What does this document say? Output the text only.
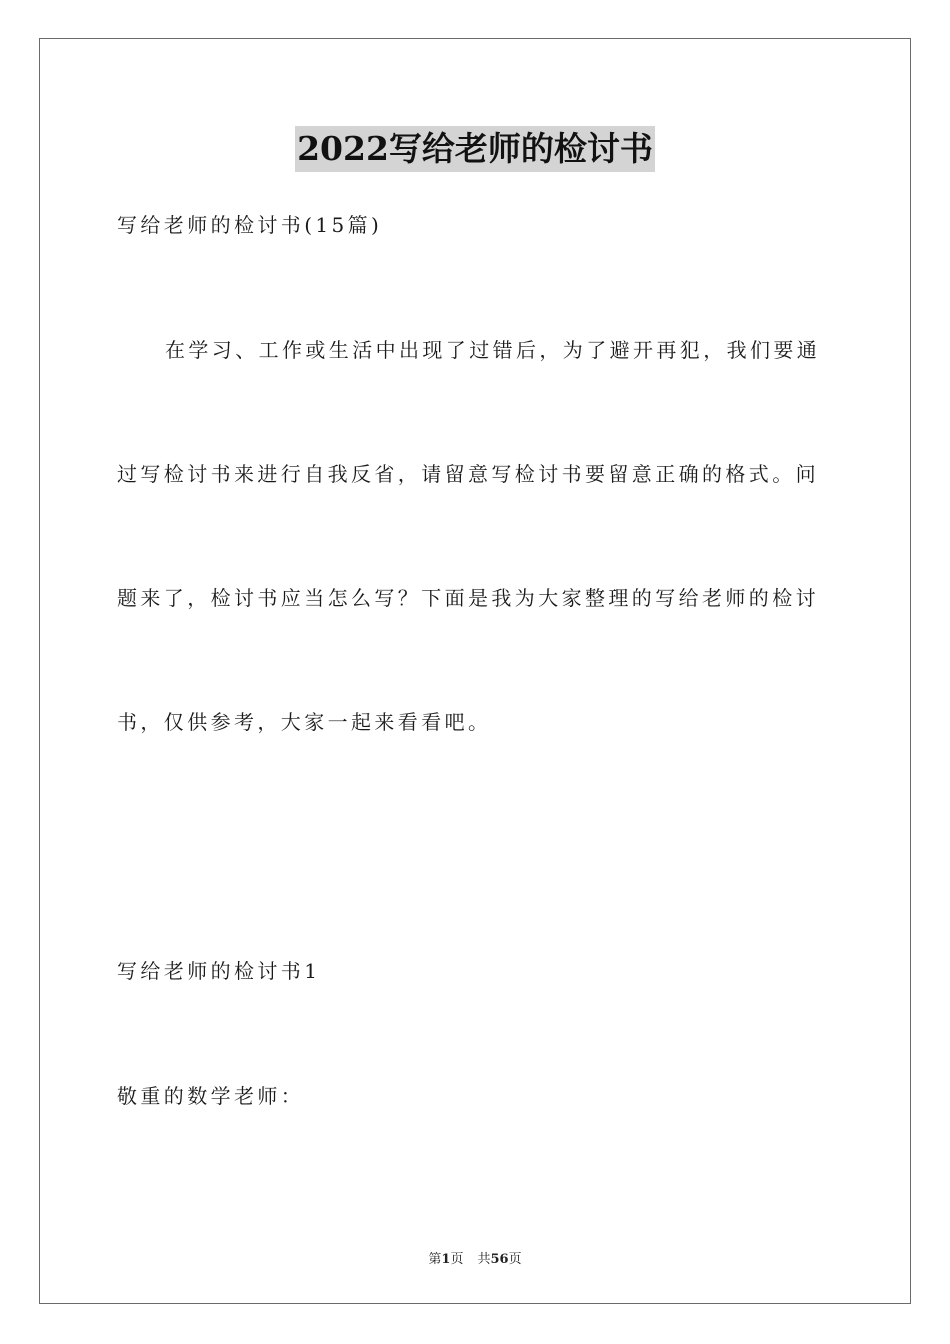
2022写给老师的检讨书

写给老师的检讨书(15篇)

在学习、工作或生活中出现了过错后，为了避开再犯，我们要通

过写检讨书来进行自我反省，请留意写检讨书要留意正确的格式。问

题来了，检讨书应当怎么写？下面是我为大家整理的写给老师的检讨

书，仅供参考，大家一起来看看吧。

写给老师的检讨书1

敬重的数学老师：

第1页 共56页
